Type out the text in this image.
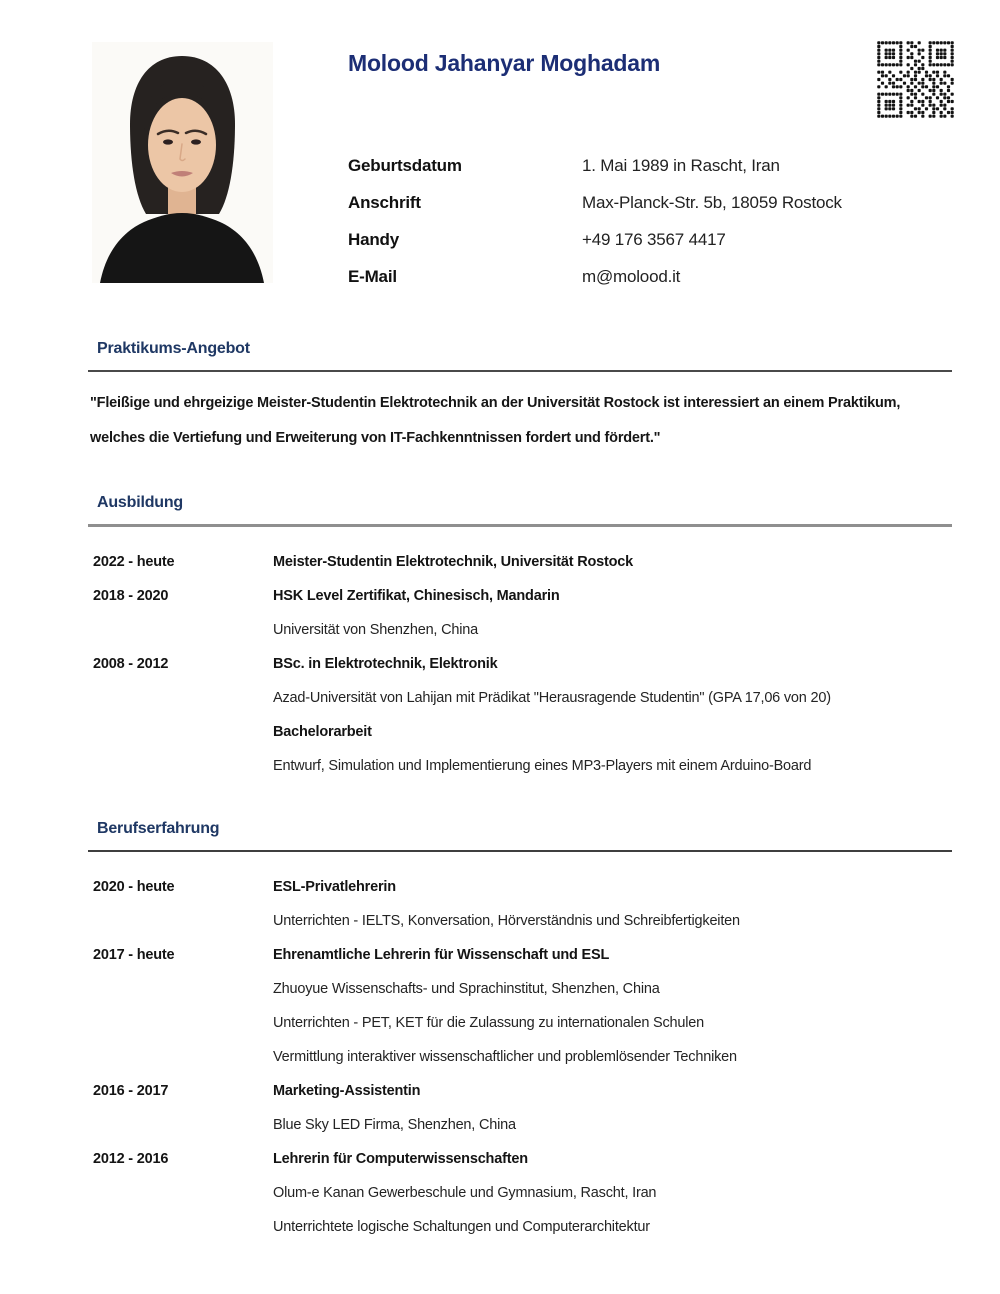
Molood Jahanyar Moghadam
Geburtsdatum	1. Mai 1989 in Rascht, Iran
Anschrift	Max-Planck-Str. 5b, 18059 Rostock
Handy	+49 176 3567 4417
E-Mail	m@molood.it
Praktikums-Angebot

"Fleißige und ehrgeizige Meister-Studentin Elektrotechnik an der Universität Rostock ist interessiert an einem Praktikum,

welches die Vertiefung und Erweiterung von IT-Fachkenntnissen fordert und fördert."

Ausbildung
2022 - heute	Meister-Studentin Elektrotechnik, Universität Rostock
2018 - 2020	HSK Level Zertifikat, Chinesisch, Mandarin
Universität von Shenzhen, China
2008 - 2012	BSc. in Elektrotechnik, Elektronik
Azad-Universität von Lahijan mit Prädikat "Herausragende Studentin" (GPA 17,06 von 20)
Bachelorarbeit
Entwurf, Simulation und Implementierung eines MP3-Players mit einem Arduino-Board
Berufserfahrung
2020 - heute	ESL-Privatlehrerin
Unterrichten - IELTS, Konversation, Hörverständnis und Schreibfertigkeiten
2017 - heute	Ehrenamtliche Lehrerin für Wissenschaft und ESL
Zhuoyue Wissenschafts- und Sprachinstitut, Shenzhen, China
Unterrichten - PET, KET für die Zulassung zu internationalen Schulen
Vermittlung interaktiver wissenschaftlicher und problemlösender Techniken
2016 - 2017	Marketing-Assistentin
Blue Sky LED Firma, Shenzhen, China
2012 - 2016	Lehrerin für Computerwissenschaften
Olum-e Kanan Gewerbeschule und Gymnasium, Rascht, Iran
Unterrichtete logische Schaltungen und Computerarchitektur
